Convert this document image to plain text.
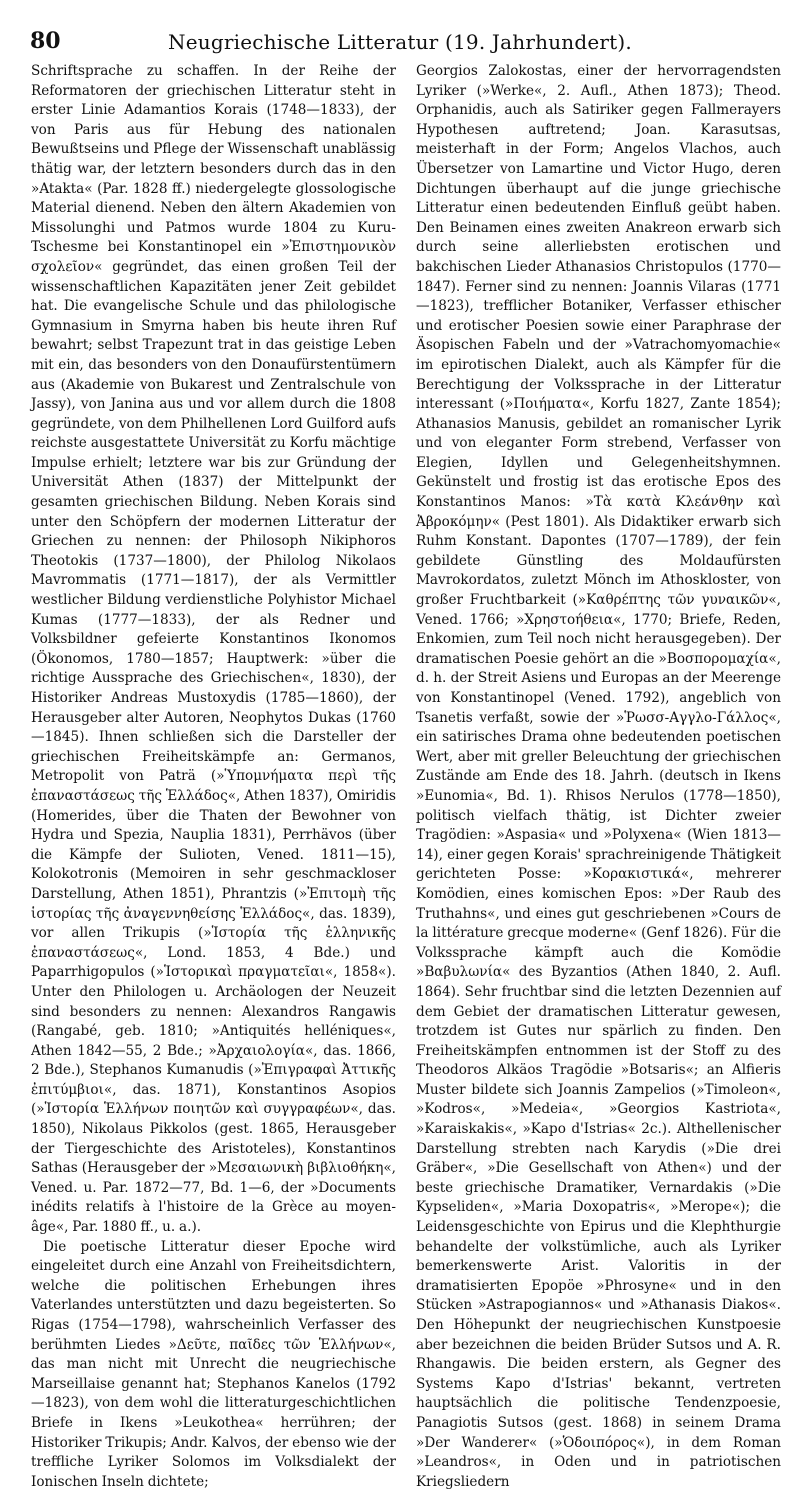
80	Neugriechische Litteratur (19. Jahrhundert).

Schriftsprache zu schaffen. In der Reihe der Reformatoren der griechischen Litteratur steht in erster Linie Adamantios Korais (1748—1833), der von Paris aus für Hebung des nationalen Bewußtseins und Pflege der Wissenschaft unablässig thätig war, der letztern besonders durch das in den »Atakta« (Par. 1828 ff.) niedergelegte glossologische Material dienend. Neben den ältern Akademien von Missolunghi und Patmos wurde 1804 zu Kuru-Tschesme bei Konstantinopel ein »Ἐπιστημονικὸν σχολεῖον« gegründet, das einen großen Teil der wissenschaftlichen Kapazitäten jener Zeit gebildet hat. Die evangelische Schule und das philologische Gymnasium in Smyrna haben bis heute ihren Ruf bewahrt; selbst Trapezunt trat in das geistige Leben mit ein, das besonders von den Donaufürstentümern aus (Akademie von Bukarest und Zentralschule von Jassy), von Janina aus und vor allem durch die 1808 gegründete, von dem Philhellenen Lord Guilford aufs reichste ausgestattete Universität zu Korfu mächtige Impulse erhielt; letztere war bis zur Gründung der Universität Athen (1837) der Mittelpunkt der gesamten griechischen Bildung. Neben Korais sind unter den Schöpfern der modernen Litteratur der Griechen zu nennen: der Philosoph Nikiphoros Theotokis (1737—1800), der Philolog Nikolaos Mavrommatis (1771—1817), der als Vermittler westlicher Bildung verdienstliche Polyhistor Michael Kumas (1777—1833), der als Redner und Volksbildner gefeierte Konstantinos Ikonomos (Ökonomos, 1780—1857; Hauptwerk: »über die richtige Aussprache des Griechischen«, 1830), der Historiker Andreas Mustoxydis (1785—1860), der Herausgeber alter Autoren, Neophytos Dukas (1760—1845). Ihnen schließen sich die Darsteller der griechischen Freiheitskämpfe an: Germanos, Metropolit von Paträ (»Ὑπομνήματα περὶ τῆς ἐπαναστάσεως τῆς Ἑλλάδος«, Athen 1837), Omiridis (Homerides, über die Thaten der Bewohner von Hydra und Spezia, Nauplia 1831), Perrhävos (über die Kämpfe der Sulioten, Vened. 1811—15), Kolokotronis (Memoiren in sehr geschmackloser Darstellung, Athen 1851), Phrantzis (»Ἐπιτομὴ τῆς ἱστορίας τῆς ἀναγεννηθείσης Ἑλλάδος«, das. 1839), vor allen Trikupis (»Ἱστορία τῆς ἑλληνικῆς ἐπαναστάσεως«, Lond. 1853, 4 Bde.) und Paparrhigopulos (»Ἱστορικαὶ πραγματεῖαι«, 1858«). Unter den Philologen u. Archäologen der Neuzeit sind besonders zu nennen: Alexandros Rangawis (Rangabé, geb. 1810; »Antiquités helléniques«, Athen 1842—55, 2 Bde.; »Ἀρχαιολογία«, das. 1866, 2 Bde.), Stephanos Kumanudis (»Ἐπιγραφαὶ Ἀττικῆς ἐπιτύμβιοι«, das. 1871), Konstantinos Asopios (»Ἱστορία Ἑλλήνων ποιητῶν καὶ συγγραφέων«, das. 1850), Nikolaus Pikkolos (gest. 1865, Herausgeber der Tiergeschichte des Aristoteles), Konstantinos Sathas (Herausgeber der »Μεσαιωνικὴ βιβλιοθήκη«, Vened. u. Par. 1872—77, Bd. 1—6, der »Documents inédits relatifs à l'histoire de la Grèce au moyen-âge«, Par. 1880 ff., u. a.).

Die poetische Litteratur dieser Epoche wird eingeleitet durch eine Anzahl von Freiheitsdichtern, welche die politischen Erhebungen ihres Vaterlandes unterstützten und dazu begeisterten. So Rigas (1754—1798), wahrscheinlich Verfasser des berühmten Liedes »Δεῦτε, παῖδες τῶν Ἑλλήνων«, das man nicht mit Unrecht die neugriechische Marseillaise genannt hat; Stephanos Kanelos (1792—1823), von dem wohl die litteraturgeschichtlichen Briefe in Ikens »Leukothea« herrühren; der Historiker Trikupis; Andr. Kalvos, der ebenso wie der treffliche Lyriker Solomos im Volksdialekt der Ionischen Inseln dichtete;

Georgios Zalokostas, einer der hervorragendsten Lyriker (»Werke«, 2. Aufl., Athen 1873); Theod. Orphanidis, auch als Satiriker gegen Fallmerayers Hypothesen auftretend; Joan. Karasutsas, meisterhaft in der Form; Angelos Vlachos, auch Übersetzer von Lamartine und Victor Hugo, deren Dichtungen überhaupt auf die junge griechische Litteratur einen bedeutenden Einfluß geübt haben. Den Beinamen eines zweiten Anakreon erwarb sich durch seine allerliebsten erotischen und bakchischen Lieder Athanasios Christopulos (1770—1847). Ferner sind zu nennen: Joannis Vilaras (1771—1823), trefflicher Botaniker, Verfasser ethischer und erotischer Poesien sowie einer Paraphrase der Äsopischen Fabeln und der »Vatrachomyomachie« im epirotischen Dialekt, auch als Kämpfer für die Berechtigung der Volkssprache in der Litteratur interessant (»Ποιήματα«, Korfu 1827, Zante 1854); Athanasios Manusis, gebildet an romanischer Lyrik und von eleganter Form strebend, Verfasser von Elegien, Idyllen und Gelegenheitshymnen. Gekünstelt und frostig ist das erotische Epos des Konstantinos Manos: »Τὰ κατὰ Κλεάνθην καὶ Ἀβροκόμην« (Pest 1801). Als Didaktiker erwarb sich Ruhm Konstant. Dapontes (1707—1789), der fein gebildete Günstling des Moldaufürsten Mavrokordatos, zuletzt Mönch im Athoskloster, von großer Fruchtbarkeit (»Καθρέπτης τῶν γυναικῶν«, Vened. 1766; »Χρηστοήθεια«, 1770; Briefe, Reden, Enkomien, zum Teil noch nicht herausgegeben). Der dramatischen Poesie gehört an die »Βοσπορομαχία«, d. h. der Streit Asiens und Europas an der Meerenge von Konstantinopel (Vened. 1792), angeblich von Tsanetis verfaßt, sowie der »Ῥωσσ-Αγγλο-Γάλλος«, ein satirisches Drama ohne bedeutenden poetischen Wert, aber mit greller Beleuchtung der griechischen Zustände am Ende des 18. Jahrh. (deutsch in Ikens »Eunomia«, Bd. 1). Rhisos Nerulos (1778—1850), politisch vielfach thätig, ist Dichter zweier Tragödien: »Aspasia« und »Polyxena« (Wien 1813—14), einer gegen Korais' sprachreinigende Thätigkeit gerichteten Posse: »Κορακιστικά«, mehrerer Komödien, eines komischen Epos: »Der Raub des Truthahns«, und eines gut geschriebenen »Cours de la littérature grecque moderne« (Genf 1826). Für die Volkssprache kämpft auch die Komödie »Βαβυλωνία« des Byzantios (Athen 1840, 2. Aufl. 1864). Sehr fruchtbar sind die letzten Dezennien auf dem Gebiet der dramatischen Litteratur gewesen, trotzdem ist Gutes nur spärlich zu finden. Den Freiheitskämpfen entnommen ist der Stoff zu des Theodoros Alkäos Tragödie »Botsaris«; an Alfieris Muster bildete sich Joannis Zampelios (»Timoleon«, »Kodros«, »Medeia«, »Georgios Kastriota«, »Karaiskakis«, »Kapo d'Istrias« 2c.). Althellenischer Darstellung strebten nach Karydis (»Die drei Gräber«, »Die Gesellschaft von Athen«) und der beste griechische Dramatiker, Vernardakis (»Die Kypseliden«, »Maria Doxopatris«, »Merope«); die Leidensgeschichte von Epirus und die Klephthurgie behandelte der volkstümliche, auch als Lyriker bemerkenswerte Arist. Valoritis in der dramatisierten Epopöe »Phrosyne« und in den Stücken »Astrapogiannos« und »Athanasis Diakos«. Den Höhepunkt der neugriechischen Kunstpoesie aber bezeichnen die beiden Brüder Sutsos und A. R. Rhangawis. Die beiden erstern, als Gegner des Systems Kapo d'Istrias' bekannt, vertreten hauptsächlich die politische Tendenzpoesie, Panagiotis Sutsos (gest. 1868) in seinem Drama »Der Wanderer« (»Ὁδοιπόρος«), in dem Roman »Leandros«, in Oden und in patriotischen Kriegsliedern
